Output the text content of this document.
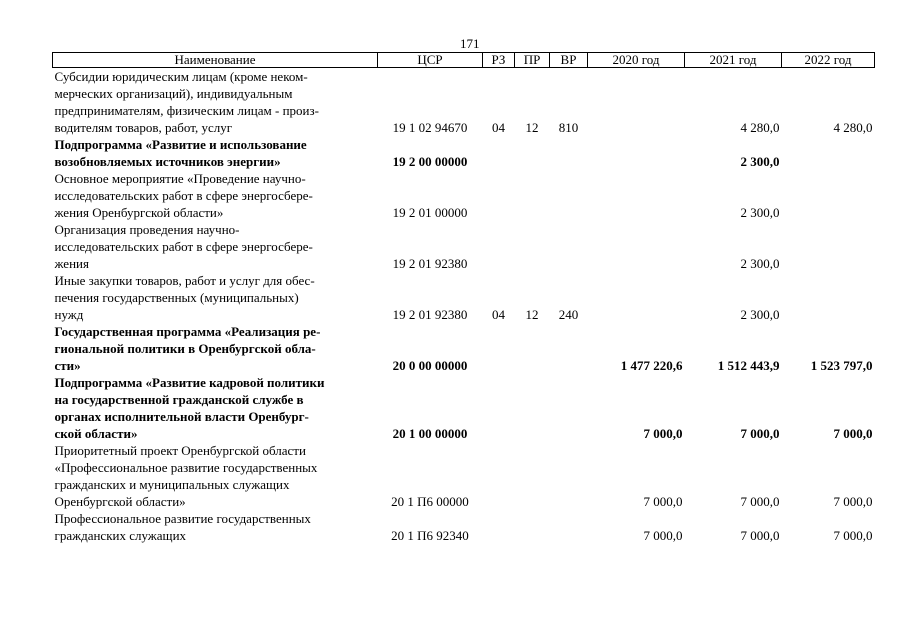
171
Наименование	ЦСР	РЗ	ПР	ВР	2020 год	2021 год	2022 год
Субсидии юридическим лицам (кроме неком-
мерческих организаций), индивидуальным
предпринимателям, физическим лицам - произ-
водителям товаров, работ, услуг	19 1 02 94670	04	12	810		4 280,0	4 280,0
Подпрограмма «Развитие и использование
возобновляемых источников энергии»	19 2 00 00000					2 300,0	
Основное мероприятие «Проведение научно-
исследовательских работ в сфере энергосбере-
жения Оренбургской области»	19 2 01 00000					2 300,0	
Организация проведения научно-
исследовательских работ в сфере энергосбере-
жения	19 2 01 92380					2 300,0	
Иные закупки товаров, работ и услуг для обес-
печения государственных (муниципальных)
нужд	19 2 01 92380	04	12	240		2 300,0	
Государственная программа «Реализация ре-
гиональной политики в Оренбургской обла-
сти»	20 0 00 00000				1 477 220,6	1 512 443,9	1 523 797,0
Подпрограмма «Развитие кадровой политики
на государственной гражданской службе в
органах исполнительной власти Оренбург-
ской области»	20 1 00 00000				7 000,0	7 000,0	7 000,0
Приоритетный проект Оренбургской области
«Профессиональное развитие государственных
гражданских и муниципальных служащих
Оренбургской области»	20 1 П6 00000				7 000,0	7 000,0	7 000,0
Профессиональное развитие государственных
гражданских служащих	20 1 П6 92340				7 000,0	7 000,0	7 000,0
